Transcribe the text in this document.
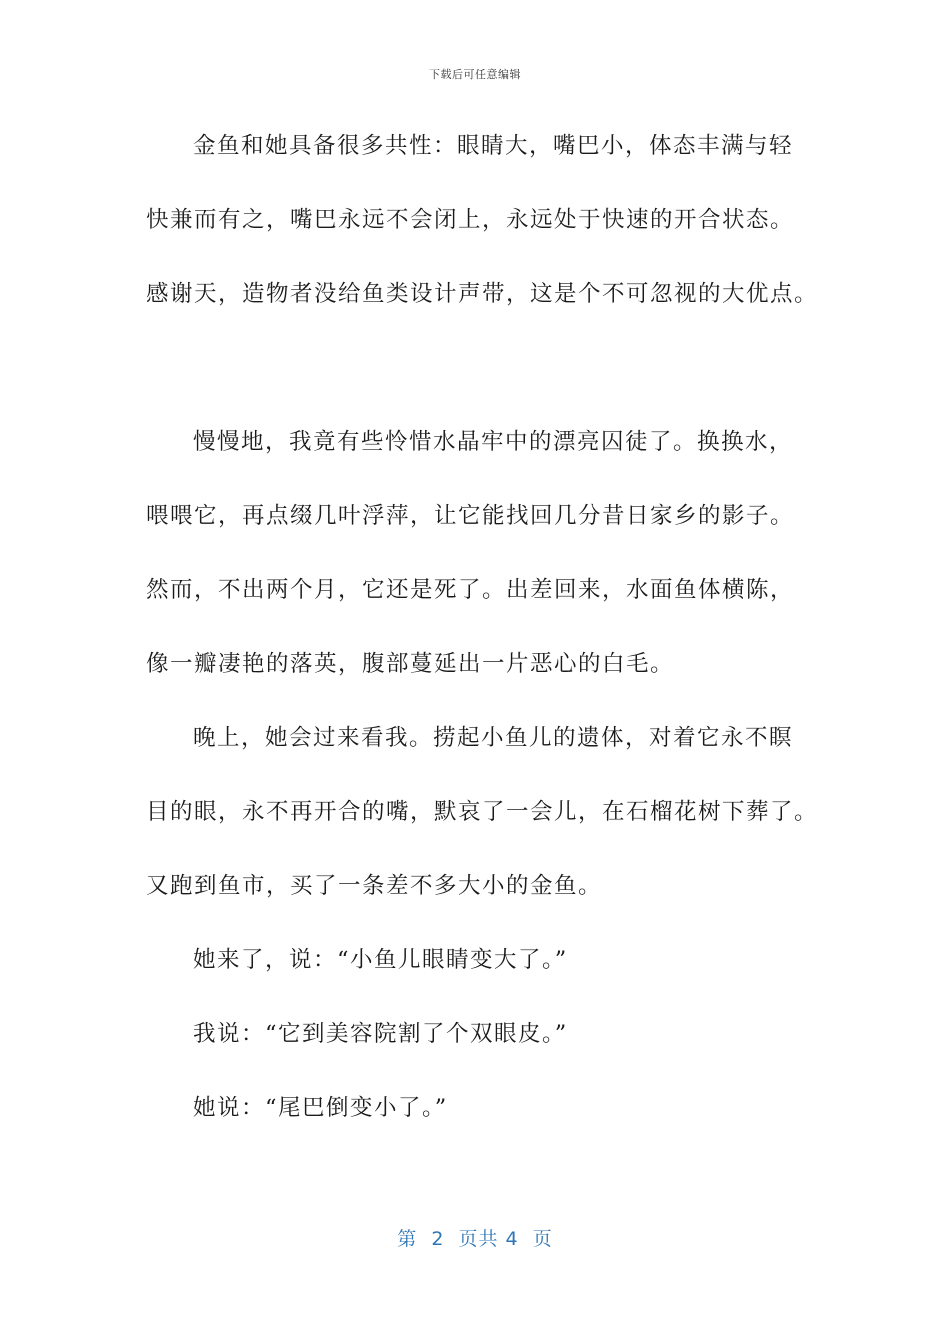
下载后可任意编辑
金鱼和她具备很多共性：眼睛大，嘴巴小，体态丰满与轻
快兼而有之，嘴巴永远不会闭上，永远处于快速的开合状态。
感谢天，造物者没给鱼类设计声带，这是个不可忽视的大优点。
慢慢地，我竟有些怜惜水晶牢中的漂亮囚徒了。换换水，
喂喂它，再点缀几叶浮萍，让它能找回几分昔日家乡的影子。
然而，不出两个月，它还是死了。出差回来，水面鱼体横陈，
像一瓣凄艳的落英，腹部蔓延出一片恶心的白毛。
晚上，她会过来看我。捞起小鱼儿的遗体，对着它永不瞑
目的眼，永不再开合的嘴，默哀了一会儿，在石榴花树下葬了。
又跑到鱼市，买了一条差不多大小的金鱼。
她来了，说：“小鱼儿眼睛变大了。”
我说：“它到美容院割了个双眼皮。”
她说：“尾巴倒变小了。”
第  2  页共 4  页
